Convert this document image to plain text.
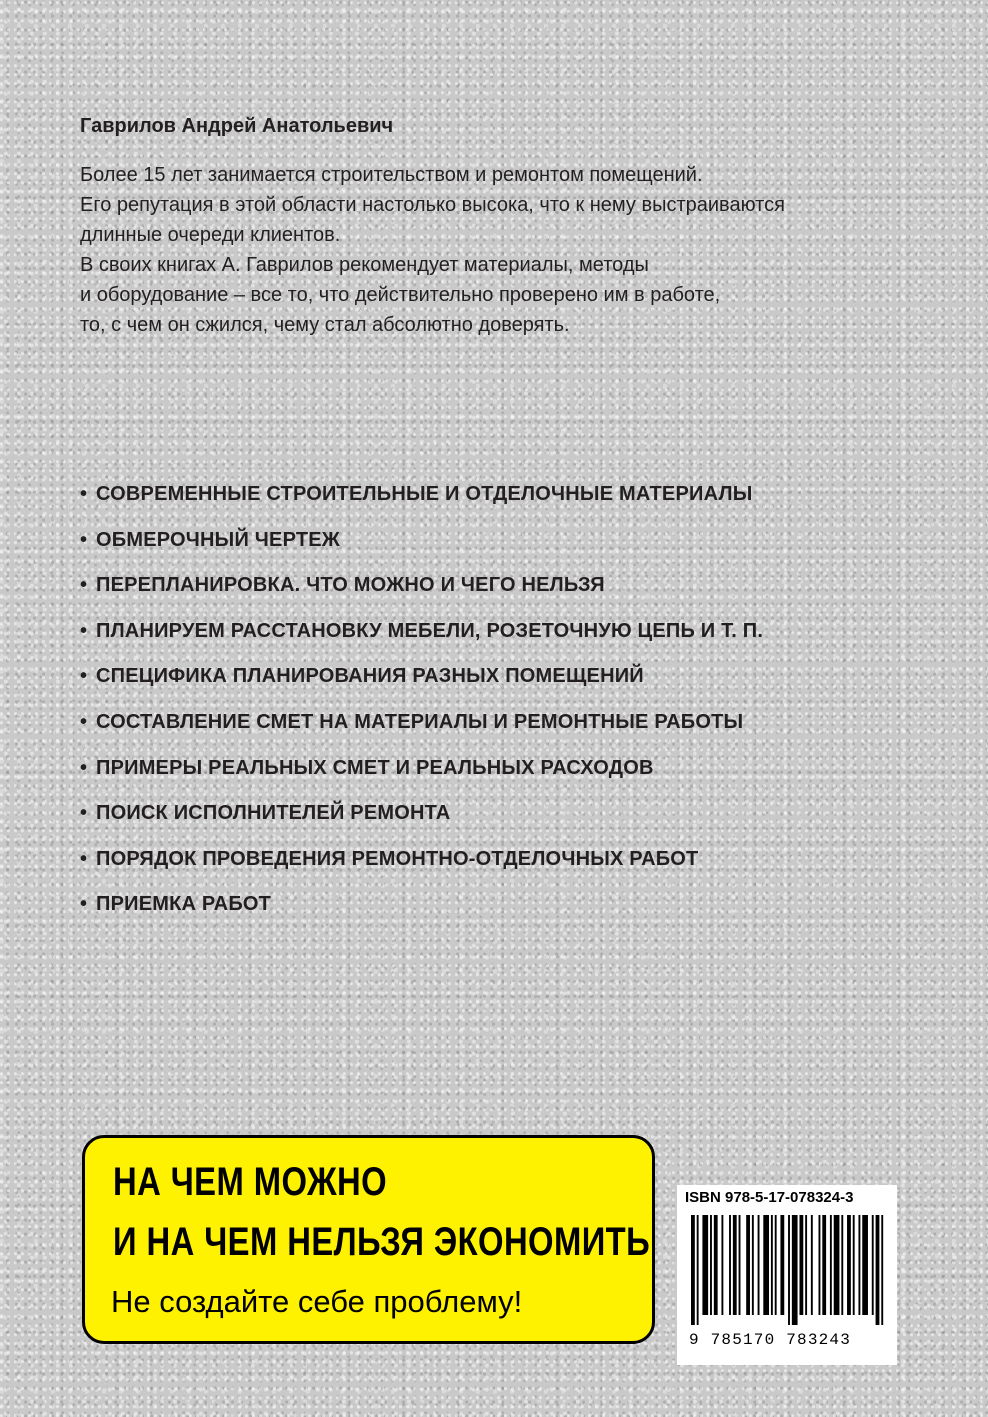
Гаврилов Андрей Анатольевич

Более 15 лет занимается строительством и ремонтом помещений.

Его репутация в этой области настолько высока, что к нему выстраиваются

длинные очереди клиентов.

В своих книгах А. Гаврилов рекомендует материалы, методы

и оборудование – все то, что действительно проверено им в работе,

то, с чем он сжился, чему стал абсолютно доверять.

• СОВРЕМЕННЫЕ СТРОИТЕЛЬНЫЕ И ОТДЕЛОЧНЫЕ МАТЕРИАЛЫ
• ОБМЕРОЧНЫЙ ЧЕРТЕЖ
• ПЕРЕПЛАНИРОВКА. ЧТО МОЖНО И ЧЕГО НЕЛЬЗЯ
• ПЛАНИРУЕМ РАССТАНОВКУ МЕБЕЛИ, РОЗЕТОЧНУЮ ЦЕПЬ И Т. П.
• СПЕЦИФИКА ПЛАНИРОВАНИЯ РАЗНЫХ ПОМЕЩЕНИЙ
• СОСТАВЛЕНИЕ СМЕТ НА МАТЕРИАЛЫ И РЕМОНТНЫЕ РАБОТЫ
• ПРИМЕРЫ РЕАЛЬНЫХ СМЕТ И РЕАЛЬНЫХ РАСХОДОВ
• ПОИСК ИСПОЛНИТЕЛЕЙ РЕМОНТА
• ПОРЯДОК ПРОВЕДЕНИЯ РЕМОНТНО-ОТДЕЛОЧНЫХ РАБОТ
• ПРИЕМКА РАБОТ
НА ЧЕМ МОЖНО
И НА ЧЕМ НЕЛЬЗЯ ЭКОНОМИТЬ
Не создайте себе проблему!
ISBN 978-5-17-078324-3
9 785170 783243
